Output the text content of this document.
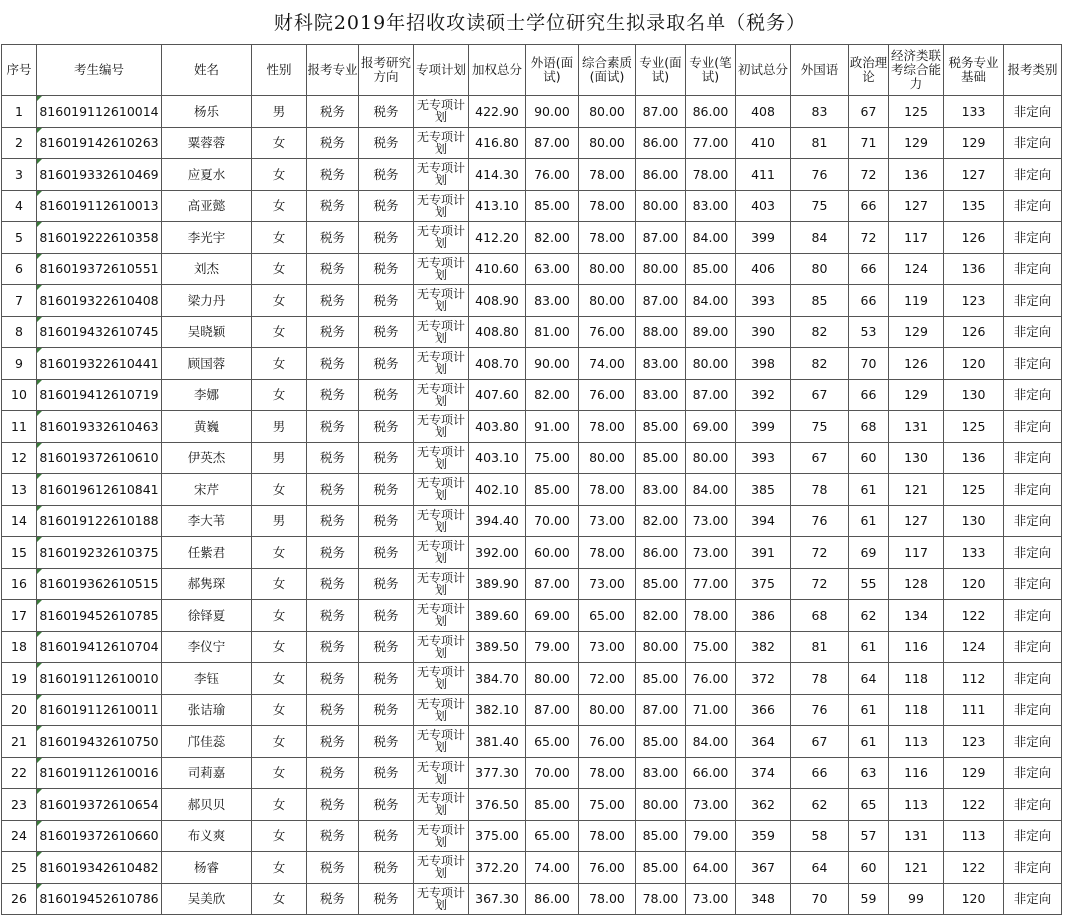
财科院2019年招收攻读硕士学位研究生拟录取名单（税务）
序号	考生编号	姓名	性别	报考专业	报考研究方向	专项计划	加权总分	外语(面试)	综合素质(面试)	专业(面试)	专业(笔试)	初试总分	外国语	政治理论	经济类联考综合能力	税务专业基础	报考类别
1	816019112610014	杨乐	男	税务	税务	无专项计划	422.90	90.00	80.00	87.00	86.00	408	83	67	125	133	非定向
2	816019142610263	粟蓉蓉	女	税务	税务	无专项计划	416.80	87.00	80.00	86.00	77.00	410	81	71	129	129	非定向
3	816019332610469	应夏水	女	税务	税务	无专项计划	414.30	76.00	78.00	86.00	78.00	411	76	72	136	127	非定向
4	816019112610013	高亚懿	女	税务	税务	无专项计划	413.10	85.00	78.00	80.00	83.00	403	75	66	127	135	非定向
5	816019222610358	李光宇	女	税务	税务	无专项计划	412.20	82.00	78.00	87.00	84.00	399	84	72	117	126	非定向
6	816019372610551	刘杰	女	税务	税务	无专项计划	410.60	63.00	80.00	80.00	85.00	406	80	66	124	136	非定向
7	816019322610408	梁力丹	女	税务	税务	无专项计划	408.90	83.00	80.00	87.00	84.00	393	85	66	119	123	非定向
8	816019432610745	吴晓颖	女	税务	税务	无专项计划	408.80	81.00	76.00	88.00	89.00	390	82	53	129	126	非定向
9	816019322610441	顾国蓉	女	税务	税务	无专项计划	408.70	90.00	74.00	83.00	80.00	398	82	70	126	120	非定向
10	816019412610719	李娜	女	税务	税务	无专项计划	407.60	82.00	76.00	83.00	87.00	392	67	66	129	130	非定向
11	816019332610463	黄巍	男	税务	税务	无专项计划	403.80	91.00	78.00	85.00	69.00	399	75	68	131	125	非定向
12	816019372610610	伊英杰	男	税务	税务	无专项计划	403.10	75.00	80.00	85.00	80.00	393	67	60	130	136	非定向
13	816019612610841	宋芹	女	税务	税务	无专项计划	402.10	85.00	78.00	83.00	84.00	385	78	61	121	125	非定向
14	816019122610188	李大苇	男	税务	税务	无专项计划	394.40	70.00	73.00	82.00	73.00	394	76	61	127	130	非定向
15	816019232610375	任紫君	女	税务	税务	无专项计划	392.00	60.00	78.00	86.00	73.00	391	72	69	117	133	非定向
16	816019362610515	郝隽琛	女	税务	税务	无专项计划	389.90	87.00	73.00	85.00	77.00	375	72	55	128	120	非定向
17	816019452610785	徐铎夏	女	税务	税务	无专项计划	389.60	69.00	65.00	82.00	78.00	386	68	62	134	122	非定向
18	816019412610704	李仪宁	女	税务	税务	无专项计划	389.50	79.00	73.00	80.00	75.00	382	81	61	116	124	非定向
19	816019112610010	李钰	女	税务	税务	无专项计划	384.70	80.00	72.00	85.00	76.00	372	78	64	118	112	非定向
20	816019112610011	张诘瑜	女	税务	税务	无专项计划	382.10	87.00	80.00	87.00	71.00	366	76	61	118	111	非定向
21	816019432610750	邝佳蕊	女	税务	税务	无专项计划	381.40	65.00	76.00	85.00	84.00	364	67	61	113	123	非定向
22	816019112610016	司莉嘉	女	税务	税务	无专项计划	377.30	70.00	78.00	83.00	66.00	374	66	63	116	129	非定向
23	816019372610654	郝贝贝	女	税务	税务	无专项计划	376.50	85.00	75.00	80.00	73.00	362	62	65	113	122	非定向
24	816019372610660	布义爽	女	税务	税务	无专项计划	375.00	65.00	78.00	85.00	79.00	359	58	57	131	113	非定向
25	816019342610482	杨睿	女	税务	税务	无专项计划	372.20	74.00	76.00	85.00	64.00	367	64	60	121	122	非定向
26	816019452610786	吴美欣	女	税务	税务	无专项计划	367.30	86.00	78.00	78.00	73.00	348	70	59	99	120	非定向
